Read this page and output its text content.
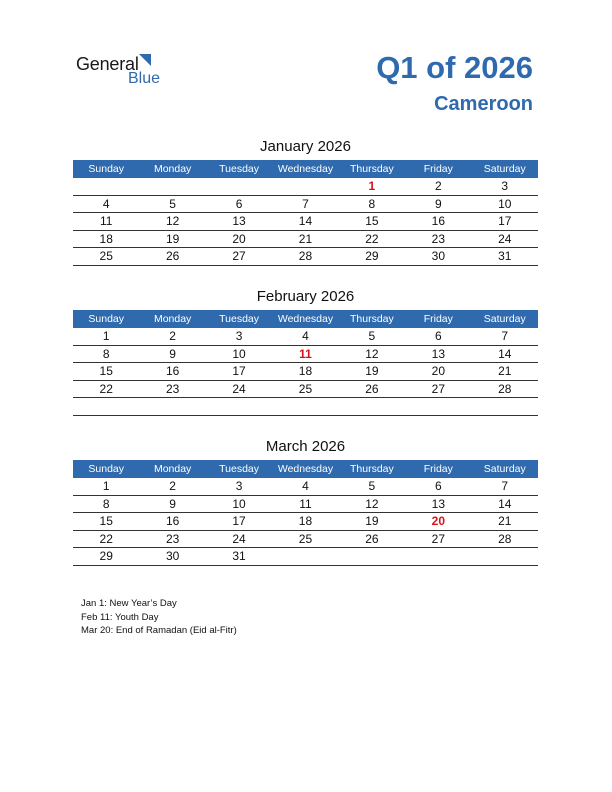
General
Blue	Q1 of 2026
Cameroon
January 2026
Sunday	Monday	Tuesday	Wednesday	Thursday	Friday	Saturday
				1	2	3
4	5	6	7	8	9	10
11	12	13	14	15	16	17
18	19	20	21	22	23	24
25	26	27	28	29	30	31
February 2026
Sunday	Monday	Tuesday	Wednesday	Thursday	Friday	Saturday
1	2	3	4	5	6	7
8	9	10	11	12	13	14
15	16	17	18	19	20	21
22	23	24	25	26	27	28

March 2026
Sunday	Monday	Tuesday	Wednesday	Thursday	Friday	Saturday
1	2	3	4	5	6	7
8	9	10	11	12	13	14
15	16	17	18	19	20	21
22	23	24	25	26	27	28
29	30	31				
Jan 1: New Year’s Day
Feb 11: Youth Day
Mar 20: End of Ramadan (Eid al-Fitr)
